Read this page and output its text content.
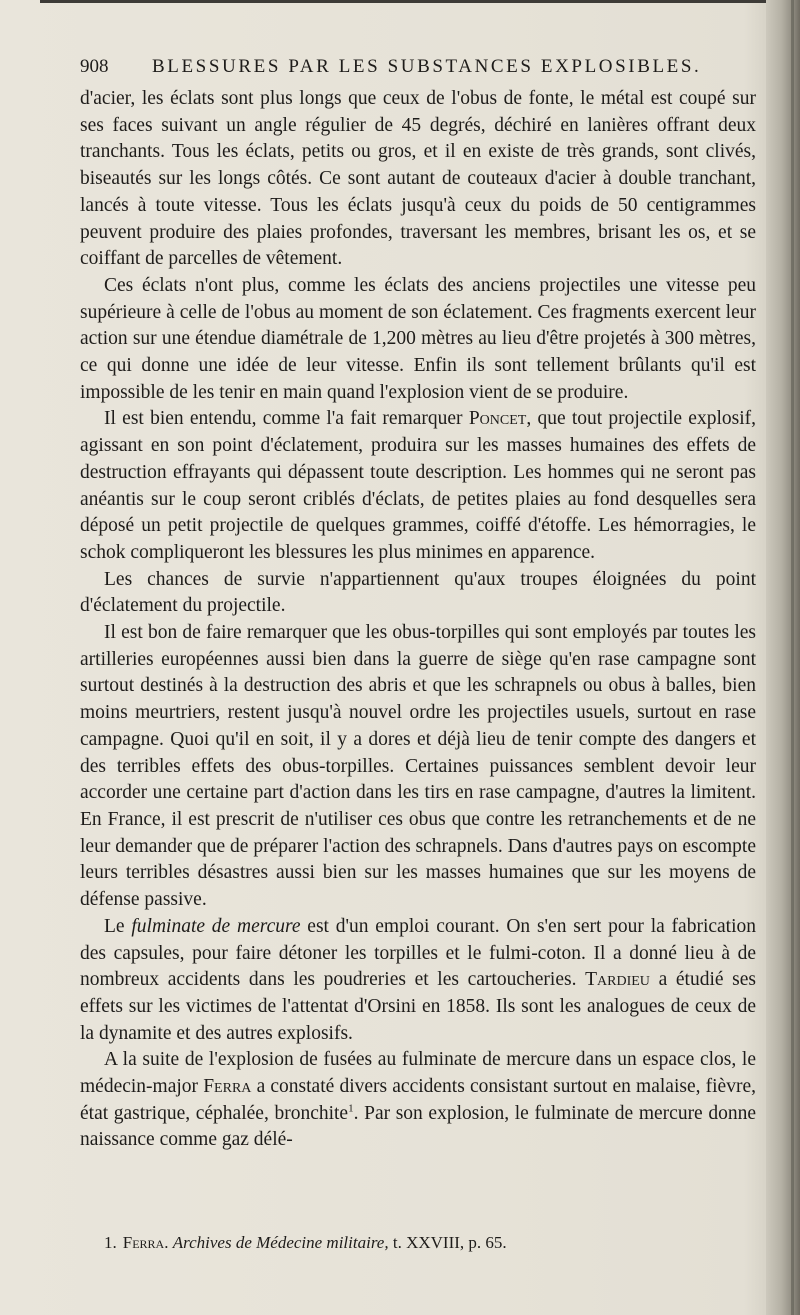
908 BLESSURES PAR LES SUBSTANCES EXPLOSIBLES.

d'acier, les éclats sont plus longs que ceux de l'obus de fonte, le métal est coupé sur ses faces suivant un angle régulier de 45 degrés, déchiré en lanières offrant deux tranchants. Tous les éclats, petits ou gros, et il en existe de très grands, sont clivés, biseautés sur les longs côtés. Ce sont autant de couteaux d'acier à double tranchant, lancés à toute vitesse. Tous les éclats jusqu'à ceux du poids de 50 centigrammes peuvent produire des plaies profondes, traversant les membres, brisant les os, et se coiffant de parcelles de vêtement.

Ces éclats n'ont plus, comme les éclats des anciens projectiles une vitesse peu supérieure à celle de l'obus au moment de son éclatement. Ces fragments exercent leur action sur une étendue diamétrale de 1,200 mètres au lieu d'être projetés à 300 mètres, ce qui donne une idée de leur vitesse. Enfin ils sont tellement brûlants qu'il est impossible de les tenir en main quand l'explosion vient de se produire.

Il est bien entendu, comme l'a fait remarquer Poncet, que tout projectile explosif, agissant en son point d'éclatement, produira sur les masses humaines des effets de destruction effrayants qui dépassent toute description. Les hommes qui ne seront pas anéantis sur le coup seront criblés d'éclats, de petites plaies au fond desquelles sera déposé un petit projectile de quelques grammes, coiffé d'étoffe. Les hémorragies, le schok compliqueront les blessures les plus minimes en apparence.

Les chances de survie n'appartiennent qu'aux troupes éloignées du point d'éclatement du projectile.

Il est bon de faire remarquer que les obus-torpilles qui sont employés par toutes les artilleries européennes aussi bien dans la guerre de siège qu'en rase campagne sont surtout destinés à la destruction des abris et que les schrapnels ou obus à balles, bien moins meurtriers, restent jusqu'à nouvel ordre les projectiles usuels, surtout en rase campagne. Quoi qu'il en soit, il y a dores et déjà lieu de tenir compte des dangers et des terribles effets des obus-torpilles. Certaines puissances semblent devoir leur accorder une certaine part d'action dans les tirs en rase campagne, d'autres la limitent. En France, il est prescrit de n'utiliser ces obus que contre les retranchements et de ne leur demander que de préparer l'action des schrapnels. Dans d'autres pays on escompte leurs terribles désastres aussi bien sur les masses humaines que sur les moyens de défense passive.

Le fulminate de mercure est d'un emploi courant. On s'en sert pour la fabrication des capsules, pour faire détoner les torpilles et le fulmi-coton. Il a donné lieu à de nombreux accidents dans les poudreries et les cartoucheries. Tardieu a étudié ses effets sur les victimes de l'attentat d'Orsini en 1858. Ils sont les analogues de ceux de la dynamite et des autres explosifs.

A la suite de l'explosion de fusées au fulminate de mercure dans un espace clos, le médecin-major Ferra a constaté divers accidents consistant surtout en malaise, fièvre, état gastrique, céphalée, bronchite$^1$. Par son explosion, le fulminate de mercure donne naissance comme gaz délé-

1. Ferra. Archives de Médecine militaire, t. XXVIII, p. 65.
